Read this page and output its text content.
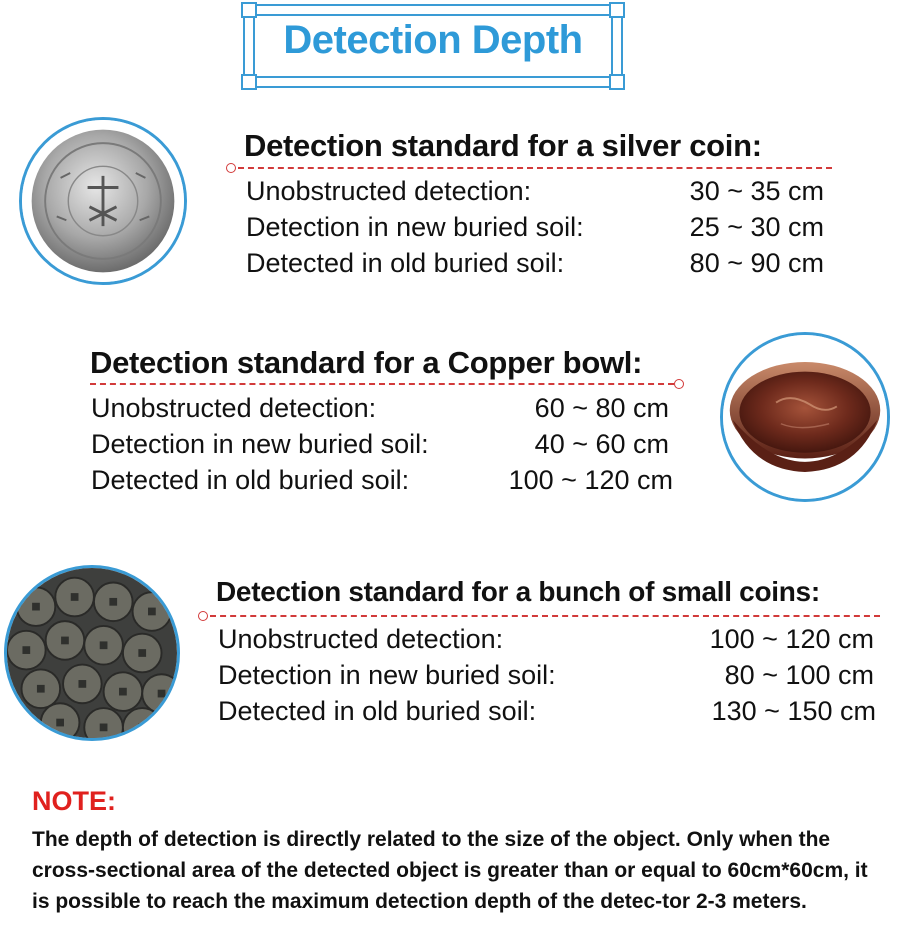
Detection Depth
Detection standard for a silver coin:
Unobstructed detection:	30 ~ 35 cm
Detection in new buried soil:	25 ~ 30 cm
Detected in old buried soil:	80 ~ 90 cm
Detection standard for a Copper bowl:
Unobstructed detection:	60 ~ 80 cm
Detection in new buried soil:	40 ~ 60 cm
Detected in old buried soil:	100 ~ 120 cm
Detection standard for a bunch of small coins:
Unobstructed detection:	100 ~ 120 cm
Detection in new buried soil:	80 ~ 100 cm
Detected in old buried soil:	130 ~ 150 cm
NOTE:
The depth of detection is directly related to the size of the object. Only when the cross-sectional area of the detected object is greater than or equal to 60cm*60cm, it is possible to reach the maximum detection depth of the detec-tor 2-3 meters.
